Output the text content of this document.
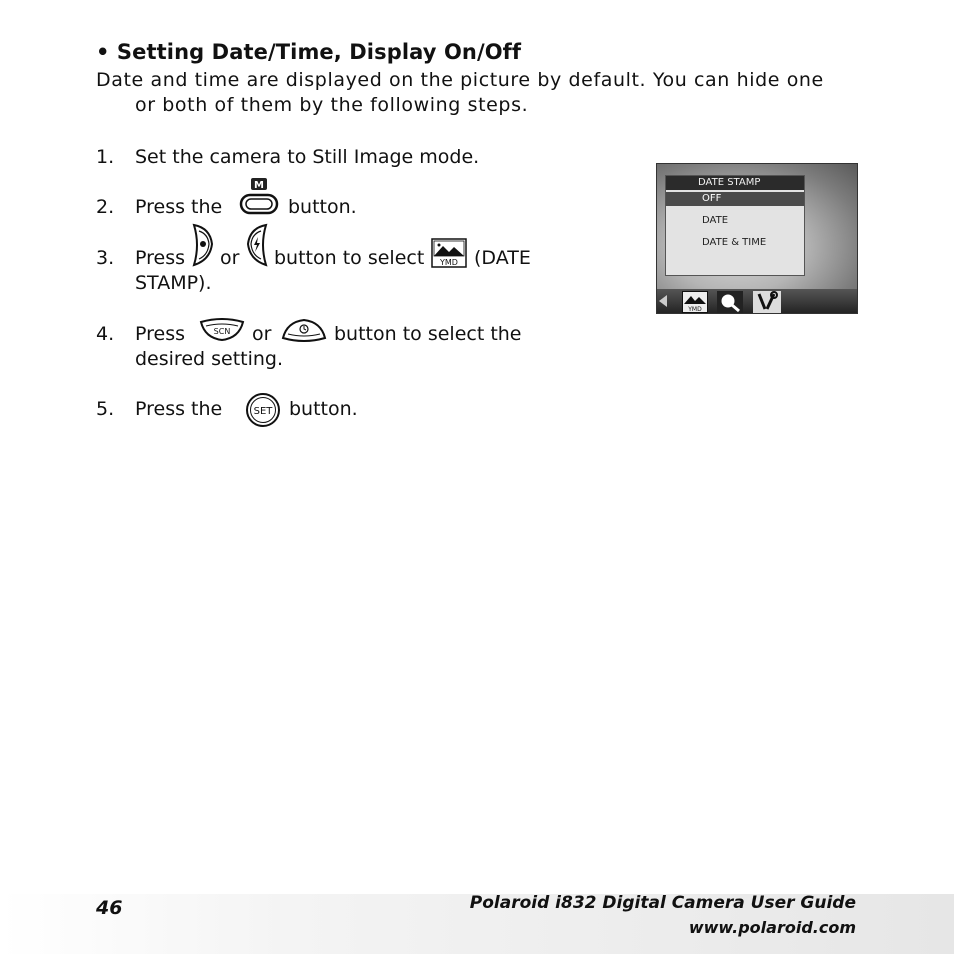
• Setting Date/Time, Display On/Off
Date and time are displayed on the picture by default. You can hide one
or both of them by the following steps.
1. Set the camera to Still Image mode.
2. Press the
M
button.
3. Press or button to select YMD (DATE
STAMP).
4. Press	SCN or	button to select the
desired setting.
5. Press the	SET button.
DATE STAMP
OFF
DATE
DATE & TIME
YMD
46	Polaroid i832 Digital Camera User Guide
www.polaroid.com
